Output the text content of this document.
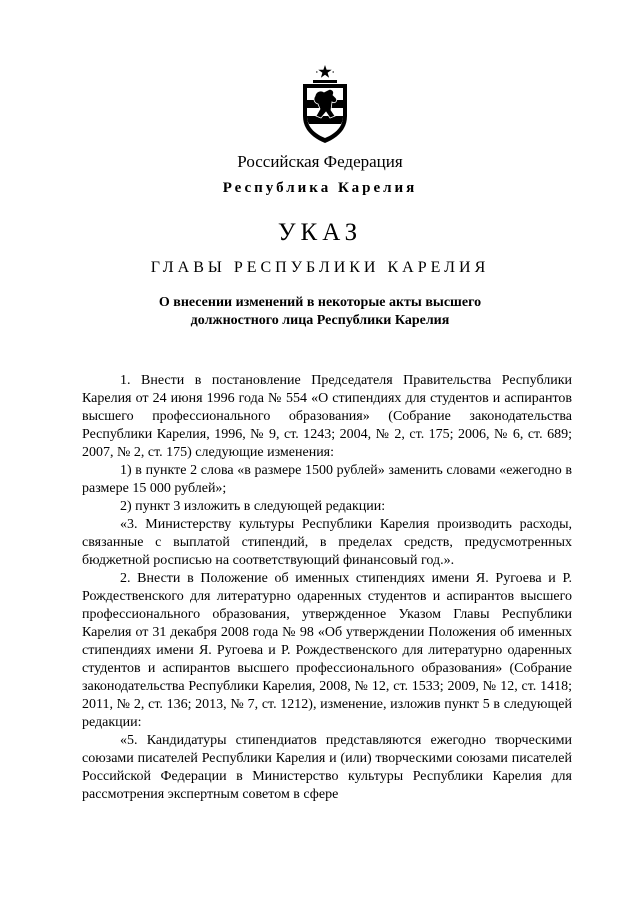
Российская Федерация
Республика Карелия
УКАЗ
ГЛАВЫ РЕСПУБЛИКИ КАРЕЛИЯ
О внесении изменений в некоторые акты высшего
должностного лица Республики Карелия

1. Внести в постановление Председателя Правительства Республики Карелия от 24 июня 1996 года № 554 «О стипендиях для студентов и аспирантов высшего профессионального образования» (Собрание законодательства Республики Карелия, 1996, № 9, ст. 1243; 2004, № 2, ст. 175; 2006, № 6, ст. 689; 2007, № 2, ст. 175) следующие изменения:

1) в пункте 2 слова «в размере 1500 рублей» заменить словами «ежегодно в размере 15 000 рублей»;

2) пункт 3 изложить в следующей редакции:

«3. Министерству культуры Республики Карелия производить расходы, связанные с выплатой стипендий, в пределах средств, предусмотренных бюджетной росписью на соответствующий финансовый год.».

2. Внести в Положение об именных стипендиях имени Я. Ругоева и Р. Рождественского для литературно одаренных студентов и аспирантов высшего профессионального образования, утвержденное Указом Главы Республики Карелия от 31 декабря 2008 года № 98 «Об утверждении Положения об именных стипендиях имени Я. Ругоева и Р. Рождественского для литературно одаренных студентов и аспирантов высшего профессионального образования» (Собрание законодательства Республики Карелия, 2008, № 12, ст. 1533; 2009, № 12, ст. 1418; 2011, № 2, ст. 136; 2013, № 7, ст. 1212), изменение, изложив пункт 5 в следующей редакции:

«5. Кандидатуры стипендиатов представляются ежегодно творческими союзами писателей Республики Карелия и (или) творческими союзами писателей Российской Федерации в Министерство культуры Республики Карелия для рассмотрения экспертным советом в сфере
